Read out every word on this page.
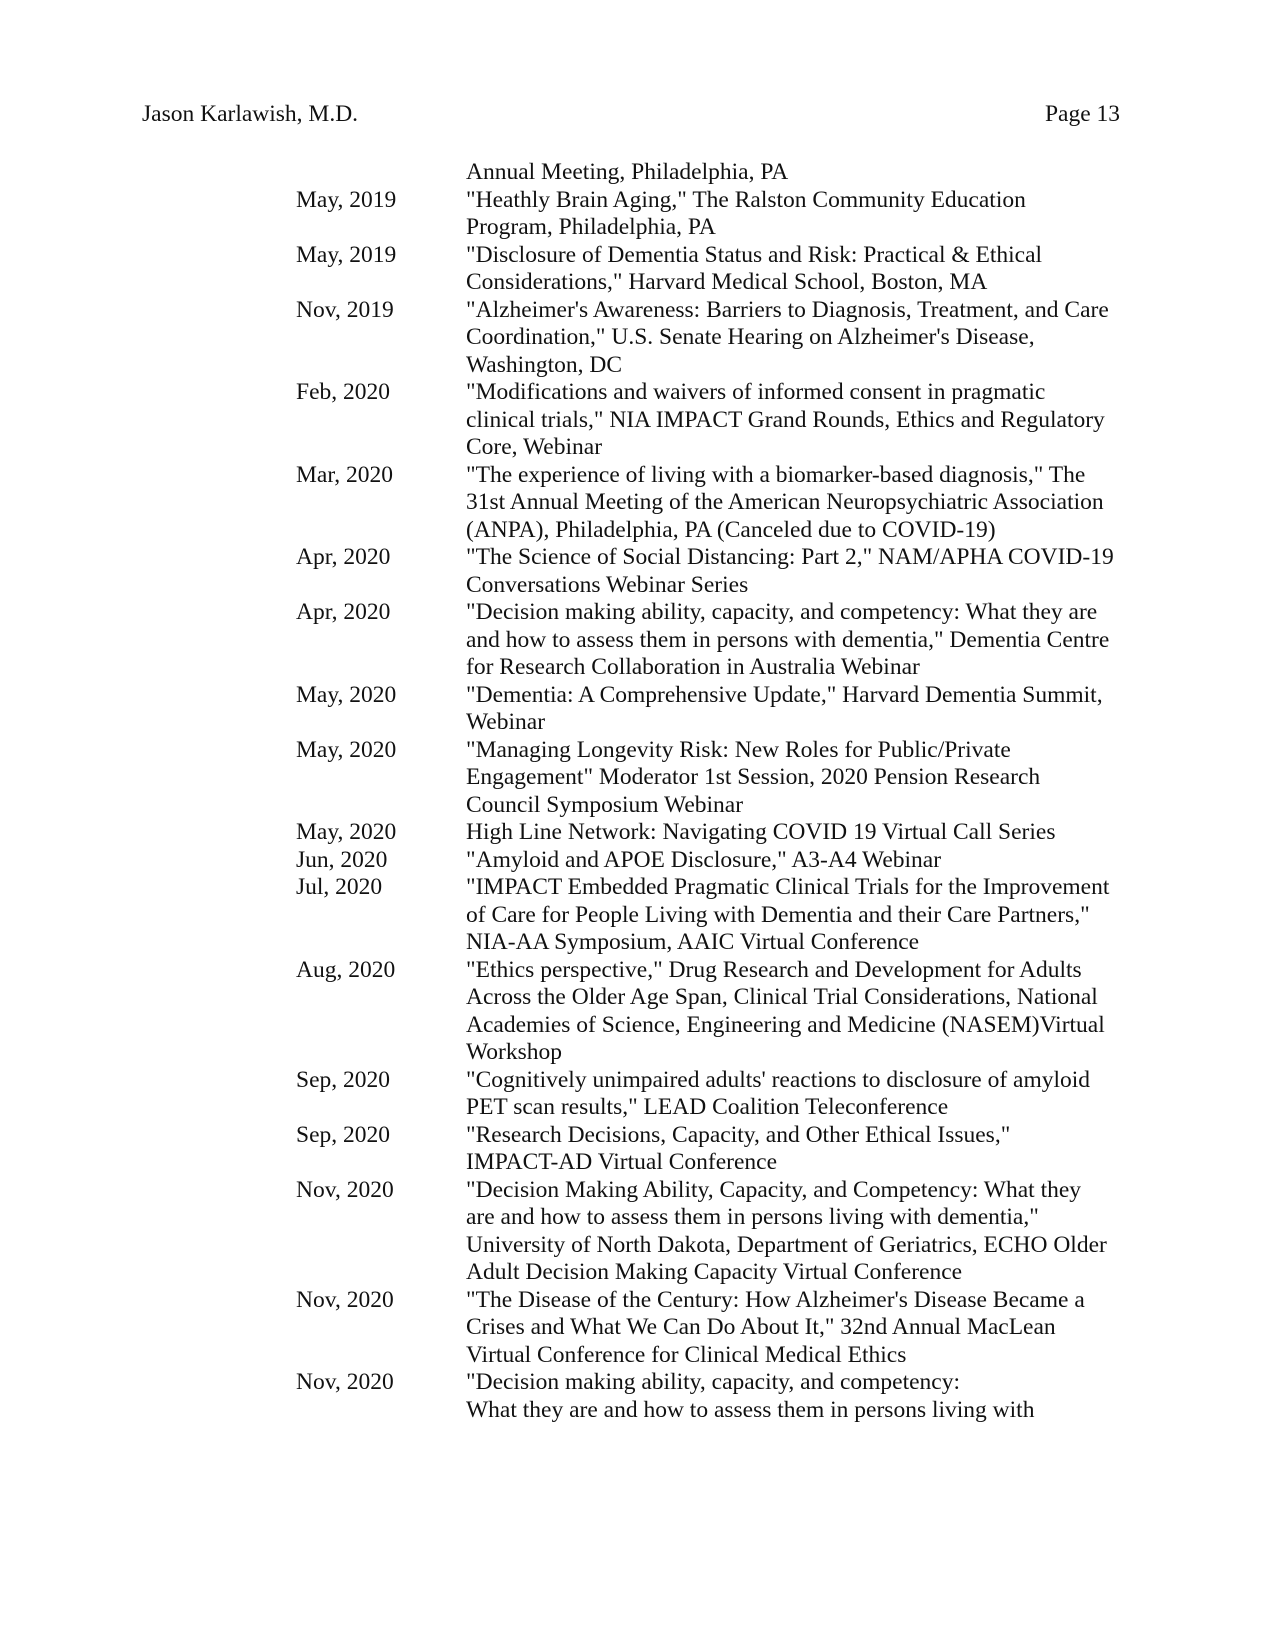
Jason Karlawish, M.D.	Page 13
Annual Meeting, Philadelphia, PA
May, 2019	"Heathly Brain Aging," The Ralston Community Education
Program, Philadelphia, PA
May, 2019	"Disclosure of Dementia Status and Risk: Practical & Ethical
Considerations," Harvard Medical School, Boston, MA
Nov, 2019	"Alzheimer's Awareness: Barriers to Diagnosis, Treatment, and Care
Coordination," U.S. Senate Hearing on Alzheimer's Disease,
Washington, DC
Feb, 2020	"Modifications and waivers of informed consent in pragmatic
clinical trials," NIA IMPACT Grand Rounds, Ethics and Regulatory
Core, Webinar
Mar, 2020	"The experience of living with a biomarker-based diagnosis," The
31st Annual Meeting of the American Neuropsychiatric Association
(ANPA), Philadelphia, PA (Canceled due to COVID-19)
Apr, 2020	"The Science of Social Distancing: Part 2," NAM/APHA COVID-19
Conversations Webinar Series
Apr, 2020	"Decision making ability, capacity, and competency: What they are
and how to assess them in persons with dementia," Dementia Centre
for Research Collaboration in Australia Webinar
May, 2020	"Dementia: A Comprehensive Update," Harvard Dementia Summit,
Webinar
May, 2020	"Managing Longevity Risk: New Roles for Public/Private
Engagement" Moderator 1st Session, 2020 Pension Research
Council Symposium Webinar
May, 2020	High Line Network: Navigating COVID 19 Virtual Call Series
Jun, 2020	"Amyloid and APOE Disclosure," A3-A4 Webinar
Jul, 2020	"IMPACT Embedded Pragmatic Clinical Trials for the Improvement
of Care for People Living with Dementia and their Care Partners,"
NIA-AA Symposium, AAIC Virtual Conference
Aug, 2020	"Ethics perspective," Drug Research and Development for Adults
Across the Older Age Span, Clinical Trial Considerations, National
Academies of Science, Engineering and Medicine (NASEM)Virtual
Workshop
Sep, 2020	"Cognitively unimpaired adults' reactions to disclosure of amyloid
PET scan results," LEAD Coalition Teleconference
Sep, 2020	"Research Decisions, Capacity, and Other Ethical Issues,"
IMPACT-AD Virtual Conference
Nov, 2020	"Decision Making Ability, Capacity, and Competency: What they
are and how to assess them in persons living with dementia,"
University of North Dakota, Department of Geriatrics, ECHO Older
Adult Decision Making Capacity Virtual Conference
Nov, 2020	"The Disease of the Century: How Alzheimer's Disease Became a
Crises and What We Can Do About It," 32nd Annual MacLean
Virtual Conference for Clinical Medical Ethics
Nov, 2020	"Decision making ability, capacity, and competency:
What they are and how to assess them in persons living with
